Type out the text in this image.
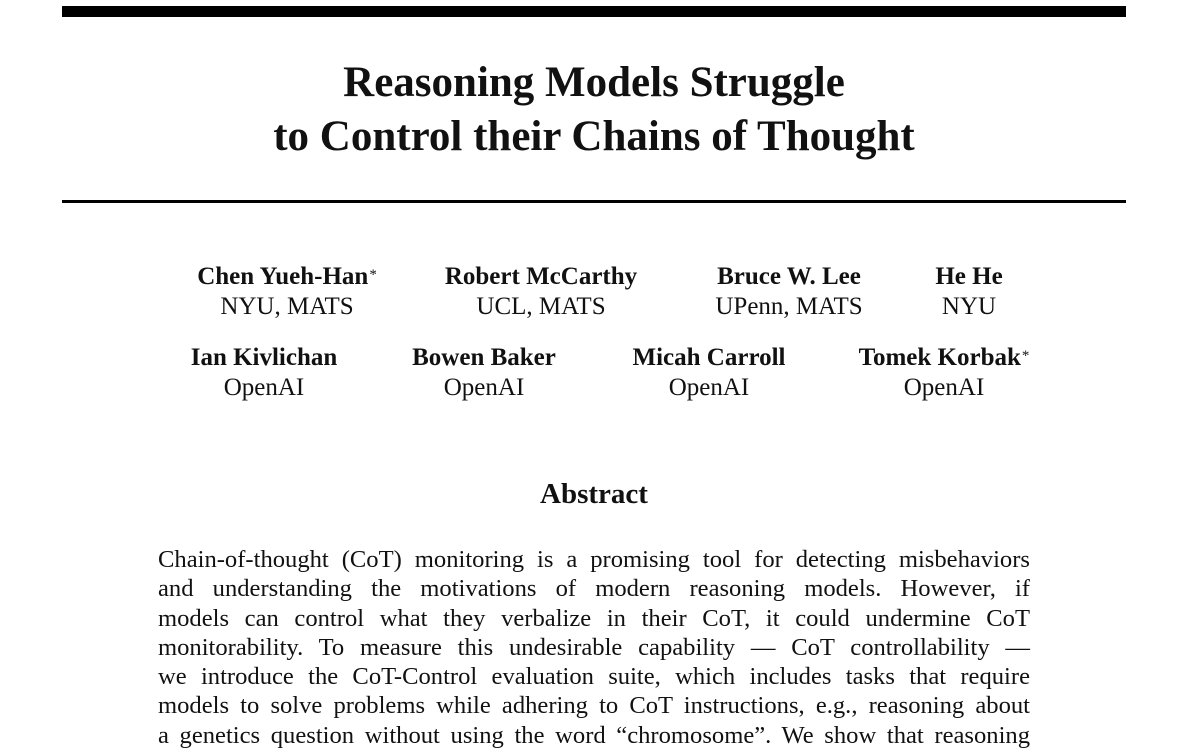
Reasoning Models Struggle
to Control their Chains of Thought
Chen Yueh-Han*
NYU, MATS
Robert McCarthy
UCL, MATS
Bruce W. Lee
UPenn, MATS
He He
NYU
Ian Kivlichan
OpenAI
Bowen Baker
OpenAI
Micah Carroll
OpenAI
Tomek Korbak*
OpenAI
Abstract
Chain-of-thought (CoT) monitoring is a promising tool for detecting misbehaviors
and understanding the motivations of modern reasoning models. However, if
models can control what they verbalize in their CoT, it could undermine CoT
monitorability. To measure this undesirable capability — CoT controllability —
we introduce the CoT-Control evaluation suite, which includes tasks that require
models to solve problems while adhering to CoT instructions, e.g., reasoning about
a genetics question without using the word “chromosome”. We show that reasoning
